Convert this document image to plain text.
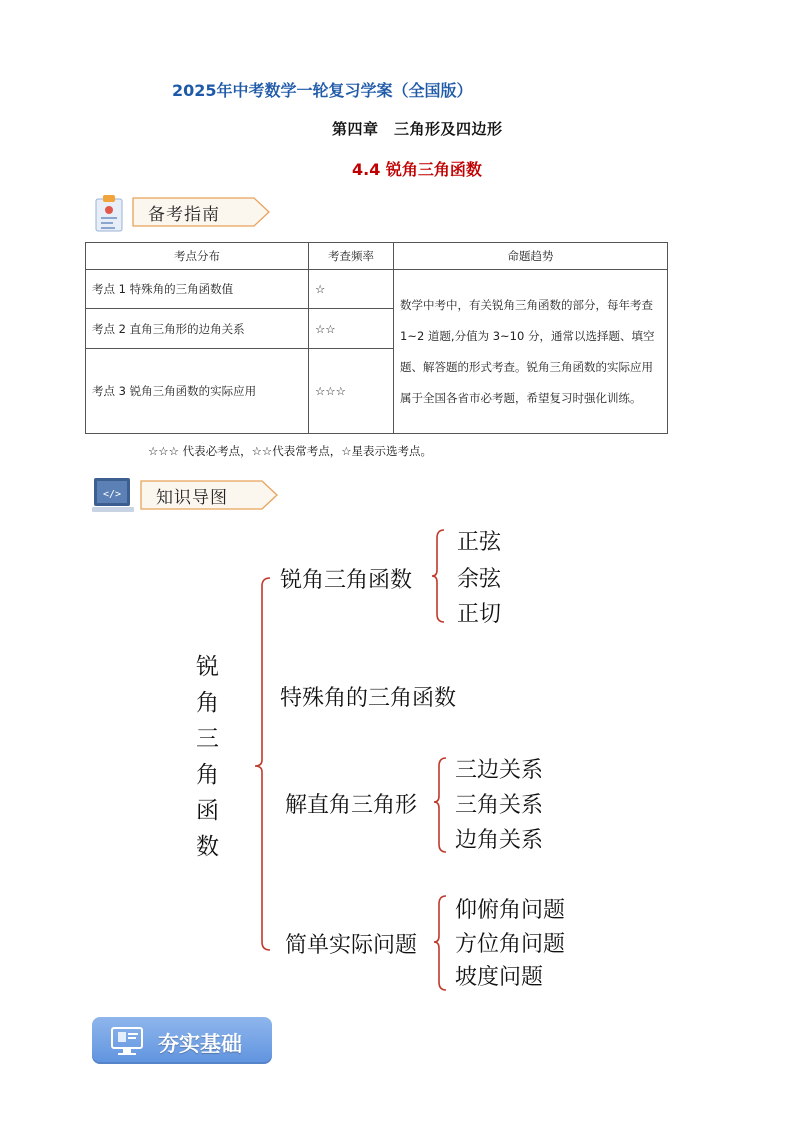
2025年中考数学一轮复习学案（全国版）
第四章　三角形及四边形
4.4 锐角三角函数
备考指南
考点分布	考查频率	命题趋势
考点 1 特殊角的三角函数值	☆	数学中考中，有关锐角三角函数的部分，每年考查 1~2 道题,分值为 3~10 分，通常以选择题、填空题、解答题的形式考查。锐角三角函数的实际应用属于全国各省市必考题，希望复习时强化训练。
考点 2 直角三角形的边角关系	☆☆	
考点 3 锐角三角函数的实际应用	☆☆☆	
☆☆☆ 代表必考点，☆☆代表常考点，☆星表示选考点。
</> 知识导图
锐
角
三
角
函
数
锐角三角函数
正弦
余弦
正切
特殊角的三角函数
解直角三角形
三边关系
三角关系
边角关系
简单实际问题
仰俯角问题
方位角问题
坡度问题
夯实基础
